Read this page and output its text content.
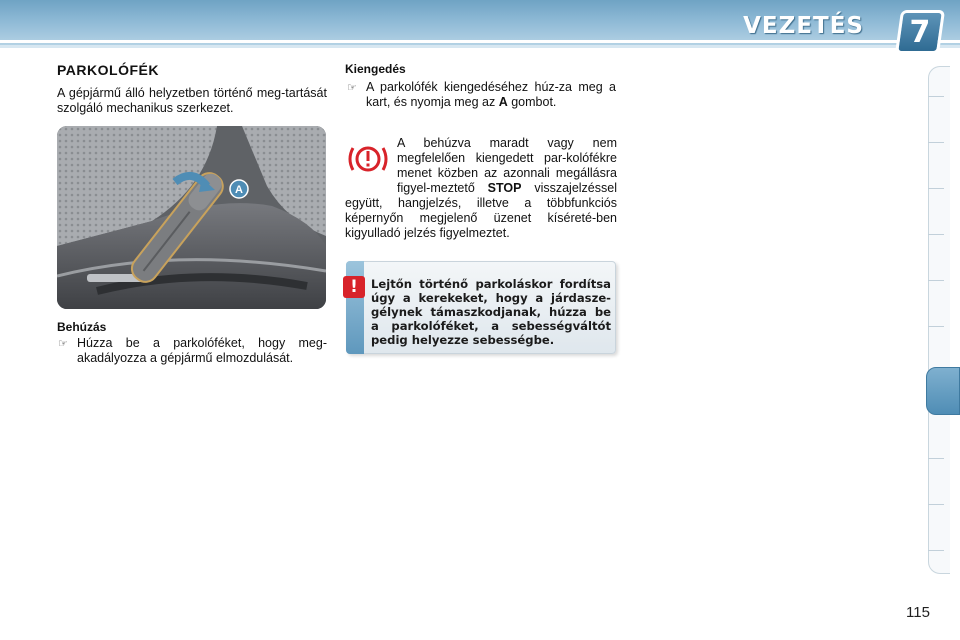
VEZETÉS 7
PARKOLÓFÉK
A gépjármű álló helyzetben történő meg-tartását szolgáló mechanikus szerkezet.
A
Behúzás
☞ Húzza be a parkolóféket, hogy meg-akadályozza a gépjármű elmozdulását.
Kiengedés
☞ A parkolófék kiengedéséhez húz-za meg a kart, és nyomja meg az A gombot.
A behúzva maradt vagy nem megfelelően kiengedett par-kolófékre menet közben az azonnali megállásra figyel-meztető STOP visszajelzéssel együtt, hangjelzés, illetve a többfunkciós képernyőn megjelenő üzenet kíséreté-ben kigyulladó jelzés figyelmeztet.
!	Lejtőn történő parkoláskor fordítsa úgy a kerekeket, hogy a járdasze-gélynek támaszkodjanak, húzza be a parkolóféket, a sebességváltót pedig helyezze sebességbe.
115
